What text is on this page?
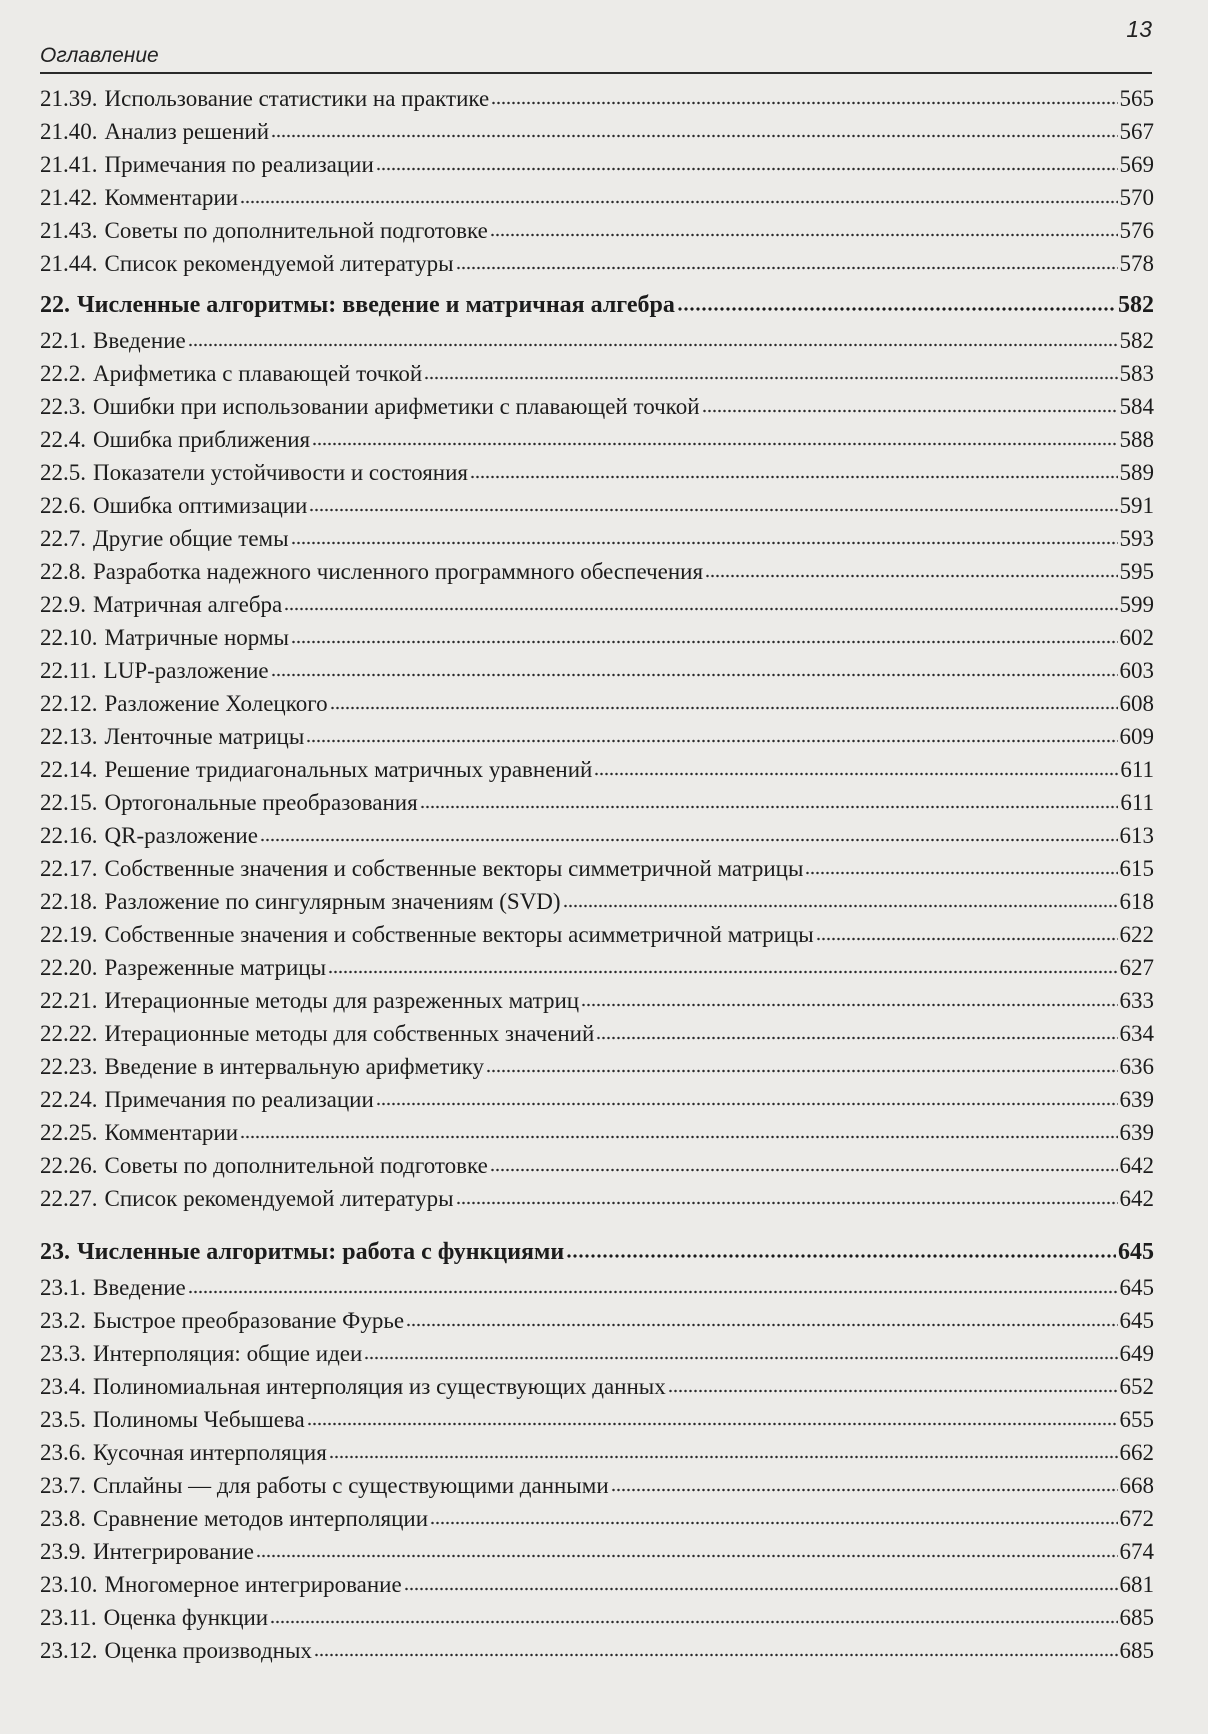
Оглавление
13
21.39. Использование статистики на практике	565
21.40. Анализ решений	567
21.41. Примечания по реализации	569
21.42. Комментарии	570
21.43. Советы по дополнительной подготовке	576
21.44. Список рекомендуемой литературы	578
22. Численные алгоритмы: введение и матричная алгебра	582
22.1. Введение	582
22.2. Арифметика с плавающей точкой	583
22.3. Ошибки при использовании арифметики с плавающей точкой	584
22.4. Ошибка приближения	588
22.5. Показатели устойчивости и состояния	589
22.6. Ошибка оптимизации	591
22.7. Другие общие темы	593
22.8. Разработка надежного численного программного обеспечения	595
22.9. Матричная алгебра	599
22.10. Матричные нормы	602
22.11. LUP-разложение	603
22.12. Разложение Холецкого	608
22.13. Ленточные матрицы	609
22.14. Решение тридиагональных матричных уравнений	611
22.15. Ортогональные преобразования	611
22.16. QR-разложение	613
22.17. Собственные значения и собственные векторы симметричной матрицы	615
22.18. Разложение по сингулярным значениям (SVD)	618
22.19. Собственные значения и собственные векторы асимметричной матрицы	622
22.20. Разреженные матрицы	627
22.21. Итерационные методы для разреженных матриц	633
22.22. Итерационные методы для собственных значений	634
22.23. Введение в интервальную арифметику	636
22.24. Примечания по реализации	639
22.25. Комментарии	639
22.26. Советы по дополнительной подготовке	642
22.27. Список рекомендуемой литературы	642
23. Численные алгоритмы: работа с функциями	645
23.1. Введение	645
23.2. Быстрое преобразование Фурье	645
23.3. Интерполяция: общие идеи	649
23.4. Полиномиальная интерполяция из существующих данных	652
23.5. Полиномы Чебышева	655
23.6. Кусочная интерполяция	662
23.7. Сплайны — для работы с существующими данными	668
23.8. Сравнение методов интерполяции	672
23.9. Интегрирование	674
23.10. Многомерное интегрирование	681
23.11. Оценка функции	685
23.12. Оценка производных	685
